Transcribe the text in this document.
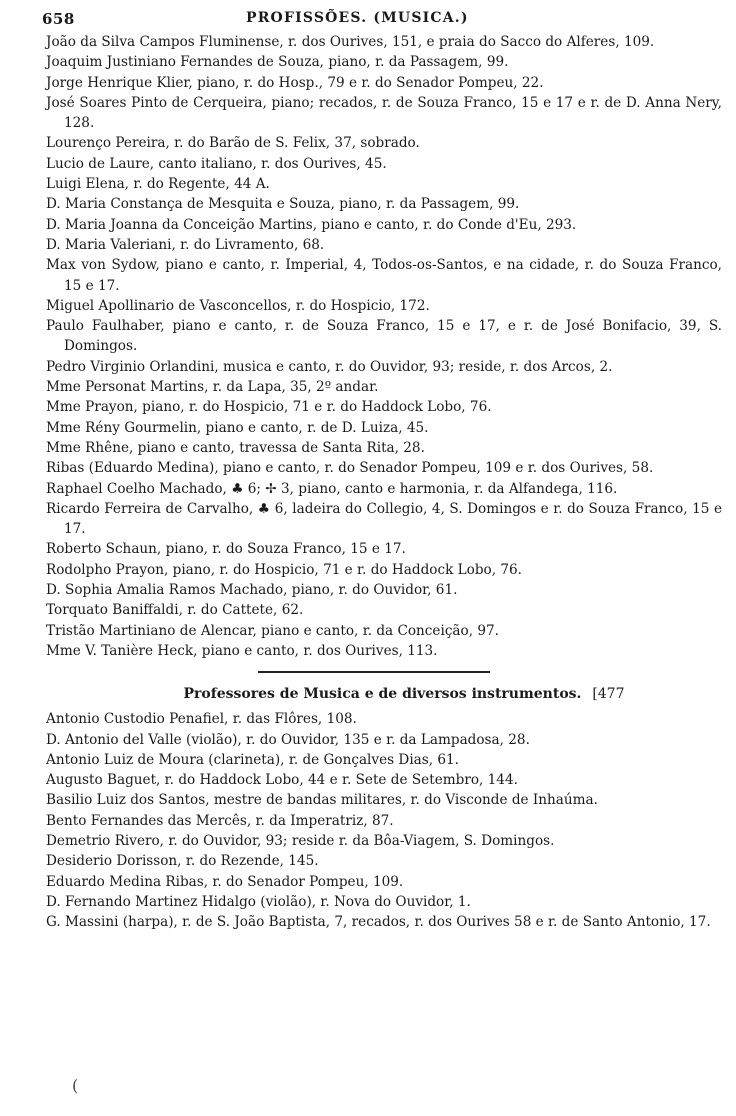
658	PROFISSÕES. (MUSICA.)
João da Silva Campos Fluminense, r. dos Ourives, 151, e praia do Sacco do Alferes, 109.
Joaquim Justiniano Fernandes de Souza, piano, r. da Passagem, 99.
Jorge Henrique Klier, piano, r. do Hosp., 79 e r. do Senador Pompeu, 22.
José Soares Pinto de Cerqueira, piano; recados, r. de Souza Franco, 15 e 17 e r. de D. Anna Nery, 128.
Lourenço Pereira, r. do Barão de S. Felix, 37, sobrado.
Lucio de Laure, canto italiano, r. dos Ourives, 45.
Luigi Elena, r. do Regente, 44 A.
D. Maria Constança de Mesquita e Souza, piano, r. da Passagem, 99.
D. Maria Joanna da Conceição Martins, piano e canto, r. do Conde d'Eu, 293.
D. Maria Valeriani, r. do Livramento, 68.
Max von Sydow, piano e canto, r. Imperial, 4, Todos-os-Santos, e na cidade, r. do Souza Franco, 15 e 17.
Miguel Apollinario de Vasconcellos, r. do Hospicio, 172.
Paulo Faulhaber, piano e canto, r. de Souza Franco, 15 e 17, e r. de José Bonifacio, 39, S. Domingos.
Pedro Virginio Orlandini, musica e canto, r. do Ouvidor, 93; reside, r. dos Arcos, 2.
Mme Personat Martins, r. da Lapa, 35, 2º andar.
Mme Prayon, piano, r. do Hospicio, 71 e r. do Haddock Lobo, 76.
Mme Rény Gourmelin, piano e canto, r. de D. Luiza, 45.
Mme Rhêne, piano e canto, travessa de Santa Rita, 28.
Ribas (Eduardo Medina), piano e canto, r. do Senador Pompeu, 109 e r. dos Ourives, 58.
Raphael Coelho Machado, ♣ 6; ✢ 3, piano, canto e harmonia, r. da Alfandega, 116.
Ricardo Ferreira de Carvalho, ♣ 6, ladeira do Collegio, 4, S. Domingos e r. do Souza Franco, 15 e 17.
Roberto Schaun, piano, r. do Souza Franco, 15 e 17.
Rodolpho Prayon, piano, r. do Hospicio, 71 e r. do Haddock Lobo, 76.
D. Sophia Amalia Ramos Machado, piano, r. do Ouvidor, 61.
Torquato Baniffaldi, r. do Cattete, 62.
Tristão Martiniano de Alencar, piano e canto, r. da Conceição, 97.
Mme V. Tanière Heck, piano e canto, r. dos Ourives, 113.
Professores de Musica e de diversos instrumentos. [477
Antonio Custodio Penafiel, r. das Flôres, 108.
D. Antonio del Valle (violão), r. do Ouvidor, 135 e r. da Lampadosa, 28.
Antonio Luiz de Moura (clarineta), r. de Gonçalves Dias, 61.
Augusto Baguet, r. do Haddock Lobo, 44 e r. Sete de Setembro, 144.
Basilio Luiz dos Santos, mestre de bandas militares, r. do Visconde de Inhaúma.
Bento Fernandes das Mercês, r. da Imperatriz, 87.
Demetrio Rivero, r. do Ouvidor, 93; reside r. da Bôa-Viagem, S. Domingos.
Desiderio Dorisson, r. do Rezende, 145.
Eduardo Medina Ribas, r. do Senador Pompeu, 109.
D. Fernando Martinez Hidalgo (violão), r. Nova do Ouvidor, 1.
G. Massini (harpa), r. de S. João Baptista, 7, recados, r. dos Ourives 58 e r. de Santo Antonio, 17.
(
